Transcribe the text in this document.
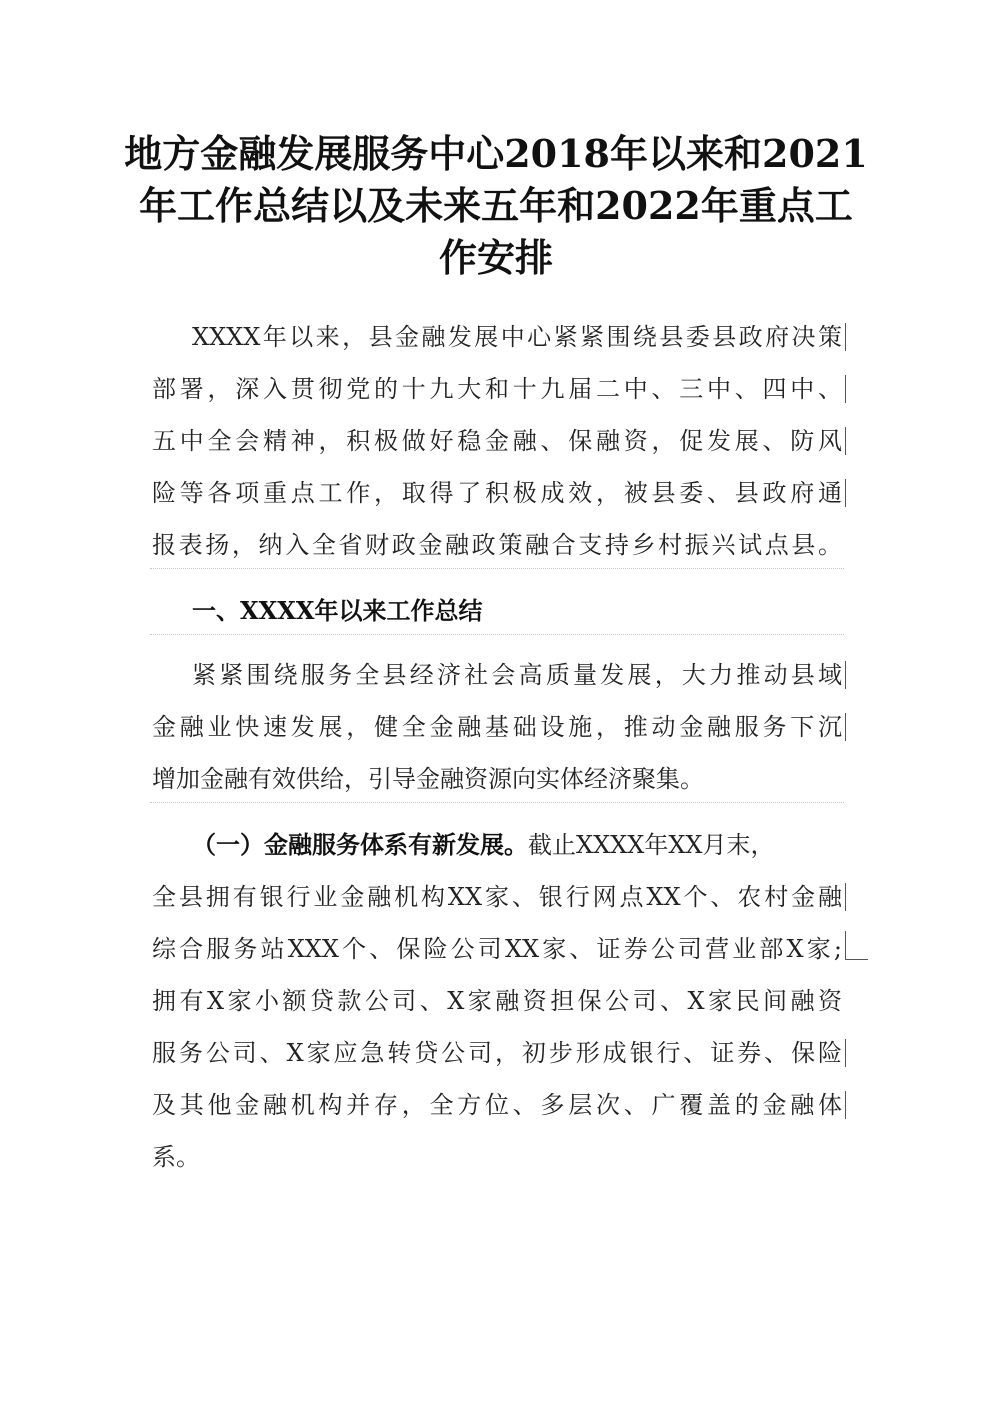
地方金融发展服务中心2018年以来和2021
年工作总结以及未来五年和2022年重点工
作安排
XXXX年以来，县金融发展中心紧紧围绕县委县政府决策
部署，深入贯彻党的十九大和十九届二中、三中、四中、
五中全会精神，积极做好稳金融、保融资，促发展、防风
险等各项重点工作，取得了积极成效，被县委、县政府通
报表扬，纳入全省财政金融政策融合支持乡村振兴试点县。
一、XXXX年以来工作总结
紧紧围绕服务全县经济社会高质量发展，大力推动县域
金融业快速发展，健全金融基础设施，推动金融服务下沉
增加金融有效供给，引导金融资源向实体经济聚集。
（一）金融服务体系有新发展。截止XXXX年XX月末，
全县拥有银行业金融机构XX家、银行网点XX个、农村金融
综合服务站XXX个、保险公司XX家、证券公司营业部X家;
拥有X家小额贷款公司、X家融资担保公司、X家民间融资
服务公司、X家应急转贷公司，初步形成银行、证券、保险
及其他金融机构并存，全方位、多层次、广覆盖的金融体
系。
